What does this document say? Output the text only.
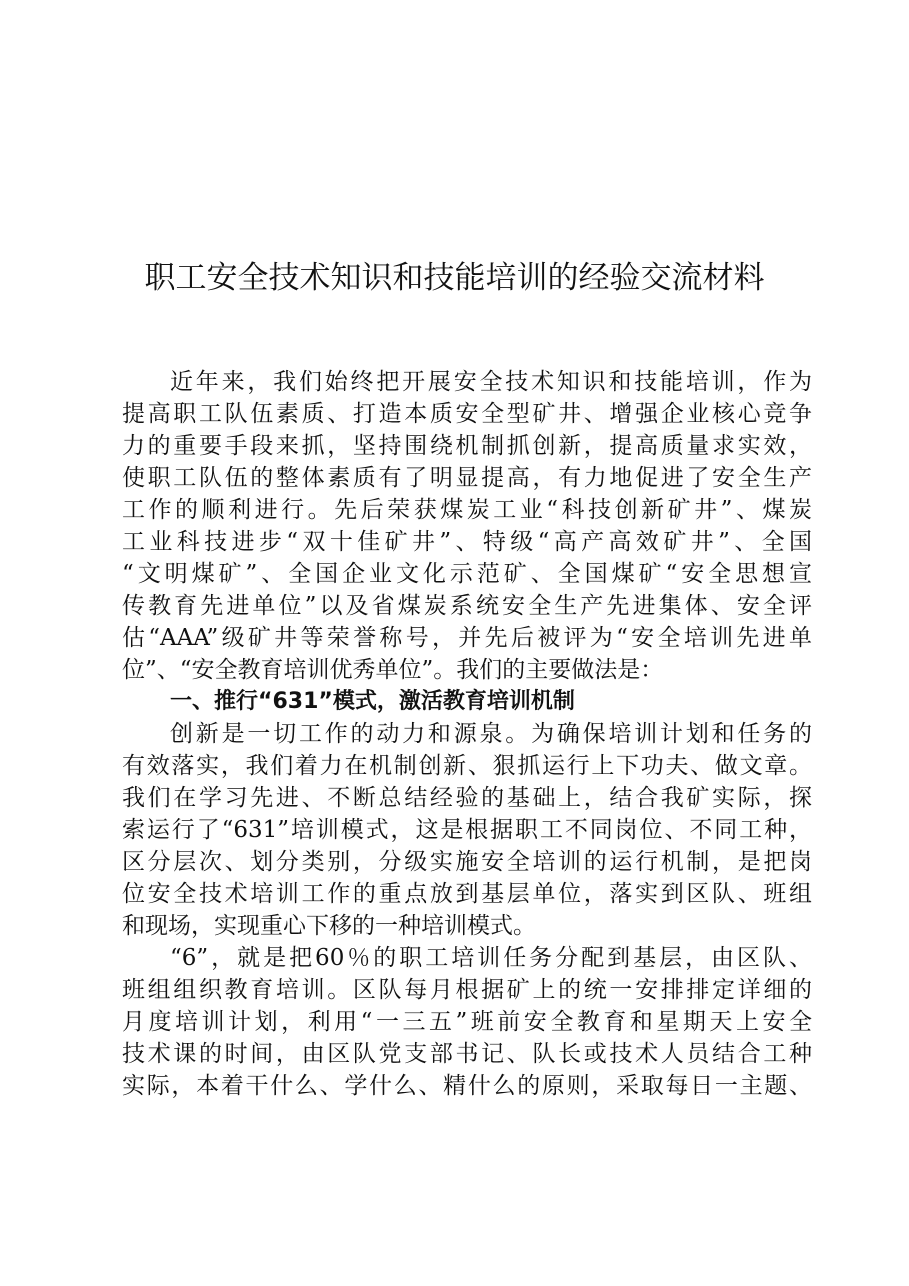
职工安全技术知识和技能培训的经验交流材料
近年来，我们始终把开展安全技术知识和技能培训，作为
提高职工队伍素质、打造本质安全型矿井、增强企业核心竞争
力的重要手段来抓，坚持围绕机制抓创新，提高质量求实效，
使职工队伍的整体素质有了明显提高，有力地促进了安全生产
工作的顺利进行。先后荣获煤炭工业“科技创新矿井”、煤炭
工业科技进步“双十佳矿井”、特级“高产高效矿井”、全国
“文明煤矿”、全国企业文化示范矿、全国煤矿“安全思想宣
传教育先进单位”以及省煤炭系统安全生产先进集体、安全评
估“AAA”级矿井等荣誉称号，并先后被评为“安全培训先进单
位”、“安全教育培训优秀单位”。我们的主要做法是：
一、推行“631”模式，激活教育培训机制
创新是一切工作的动力和源泉。为确保培训计划和任务的
有效落实，我们着力在机制创新、狠抓运行上下功夫、做文章。
我们在学习先进、不断总结经验的基础上，结合我矿实际，探
索运行了“631”培训模式，这是根据职工不同岗位、不同工种，
区分层次、划分类别，分级实施安全培训的运行机制，是把岗
位安全技术培训工作的重点放到基层单位，落实到区队、班组
和现场，实现重心下移的一种培训模式。
“6”，就是把60％的职工培训任务分配到基层，由区队、
班组组织教育培训。区队每月根据矿上的统一安排排定详细的
月度培训计划，利用“一三五”班前安全教育和星期天上安全
技术课的时间，由区队党支部书记、队长或技术人员结合工种
实际，本着干什么、学什么、精什么的原则，采取每日一主题、
